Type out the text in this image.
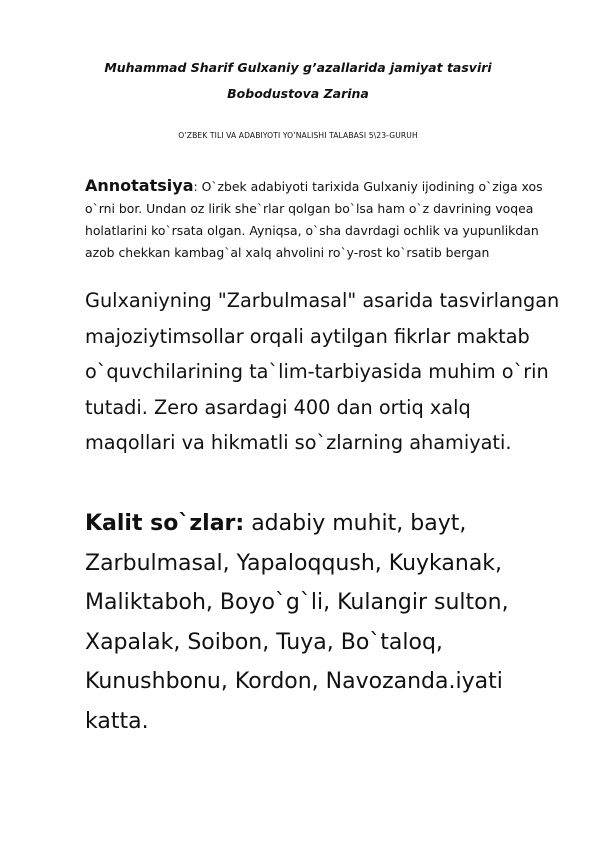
Muhammad Sharif Gulxaniy g’azallarida jamiyat tasviri
Bobodustova Zarina
O’ZBEK TILI VA ADABIYOTI YO’NALISHI TALABASI 5\23-GURUH

Annotatsiya: O`zbek adabiyoti tarixida Gulxaniy ijodining o`ziga xos o`rni bor. Undan oz lirik she`rlar qolgan bo`lsa ham o`z davrining voqea holatlarini ko`rsata olgan. Ayniqsa, o`sha davrdagi ochlik va yupunlikdan azob chekkan kambag`al xalq ahvolini ro`y-rost ko`rsatib bergan

Gulxaniyning "Zarbulmasal" asarida tasvirlangan majoziytimsollar orqali aytilgan fikrlar maktab o`quvchilarining ta`lim-tarbiyasida muhim o`rin tutadi. Zero asardagi 400 dan ortiq xalq maqollari va hikmatli so`zlarning ahamiyati.

Kalit so`zlar: adabiy muhit, bayt, Zarbulmasal, Yapaloqqush, Kuykanak, Maliktaboh, Boyo`g`li, Kulangir sulton, Xapalak, Soibon, Tuya, Bo`taloq, Kunushbonu, Kordon, Navozanda.iyati katta.
